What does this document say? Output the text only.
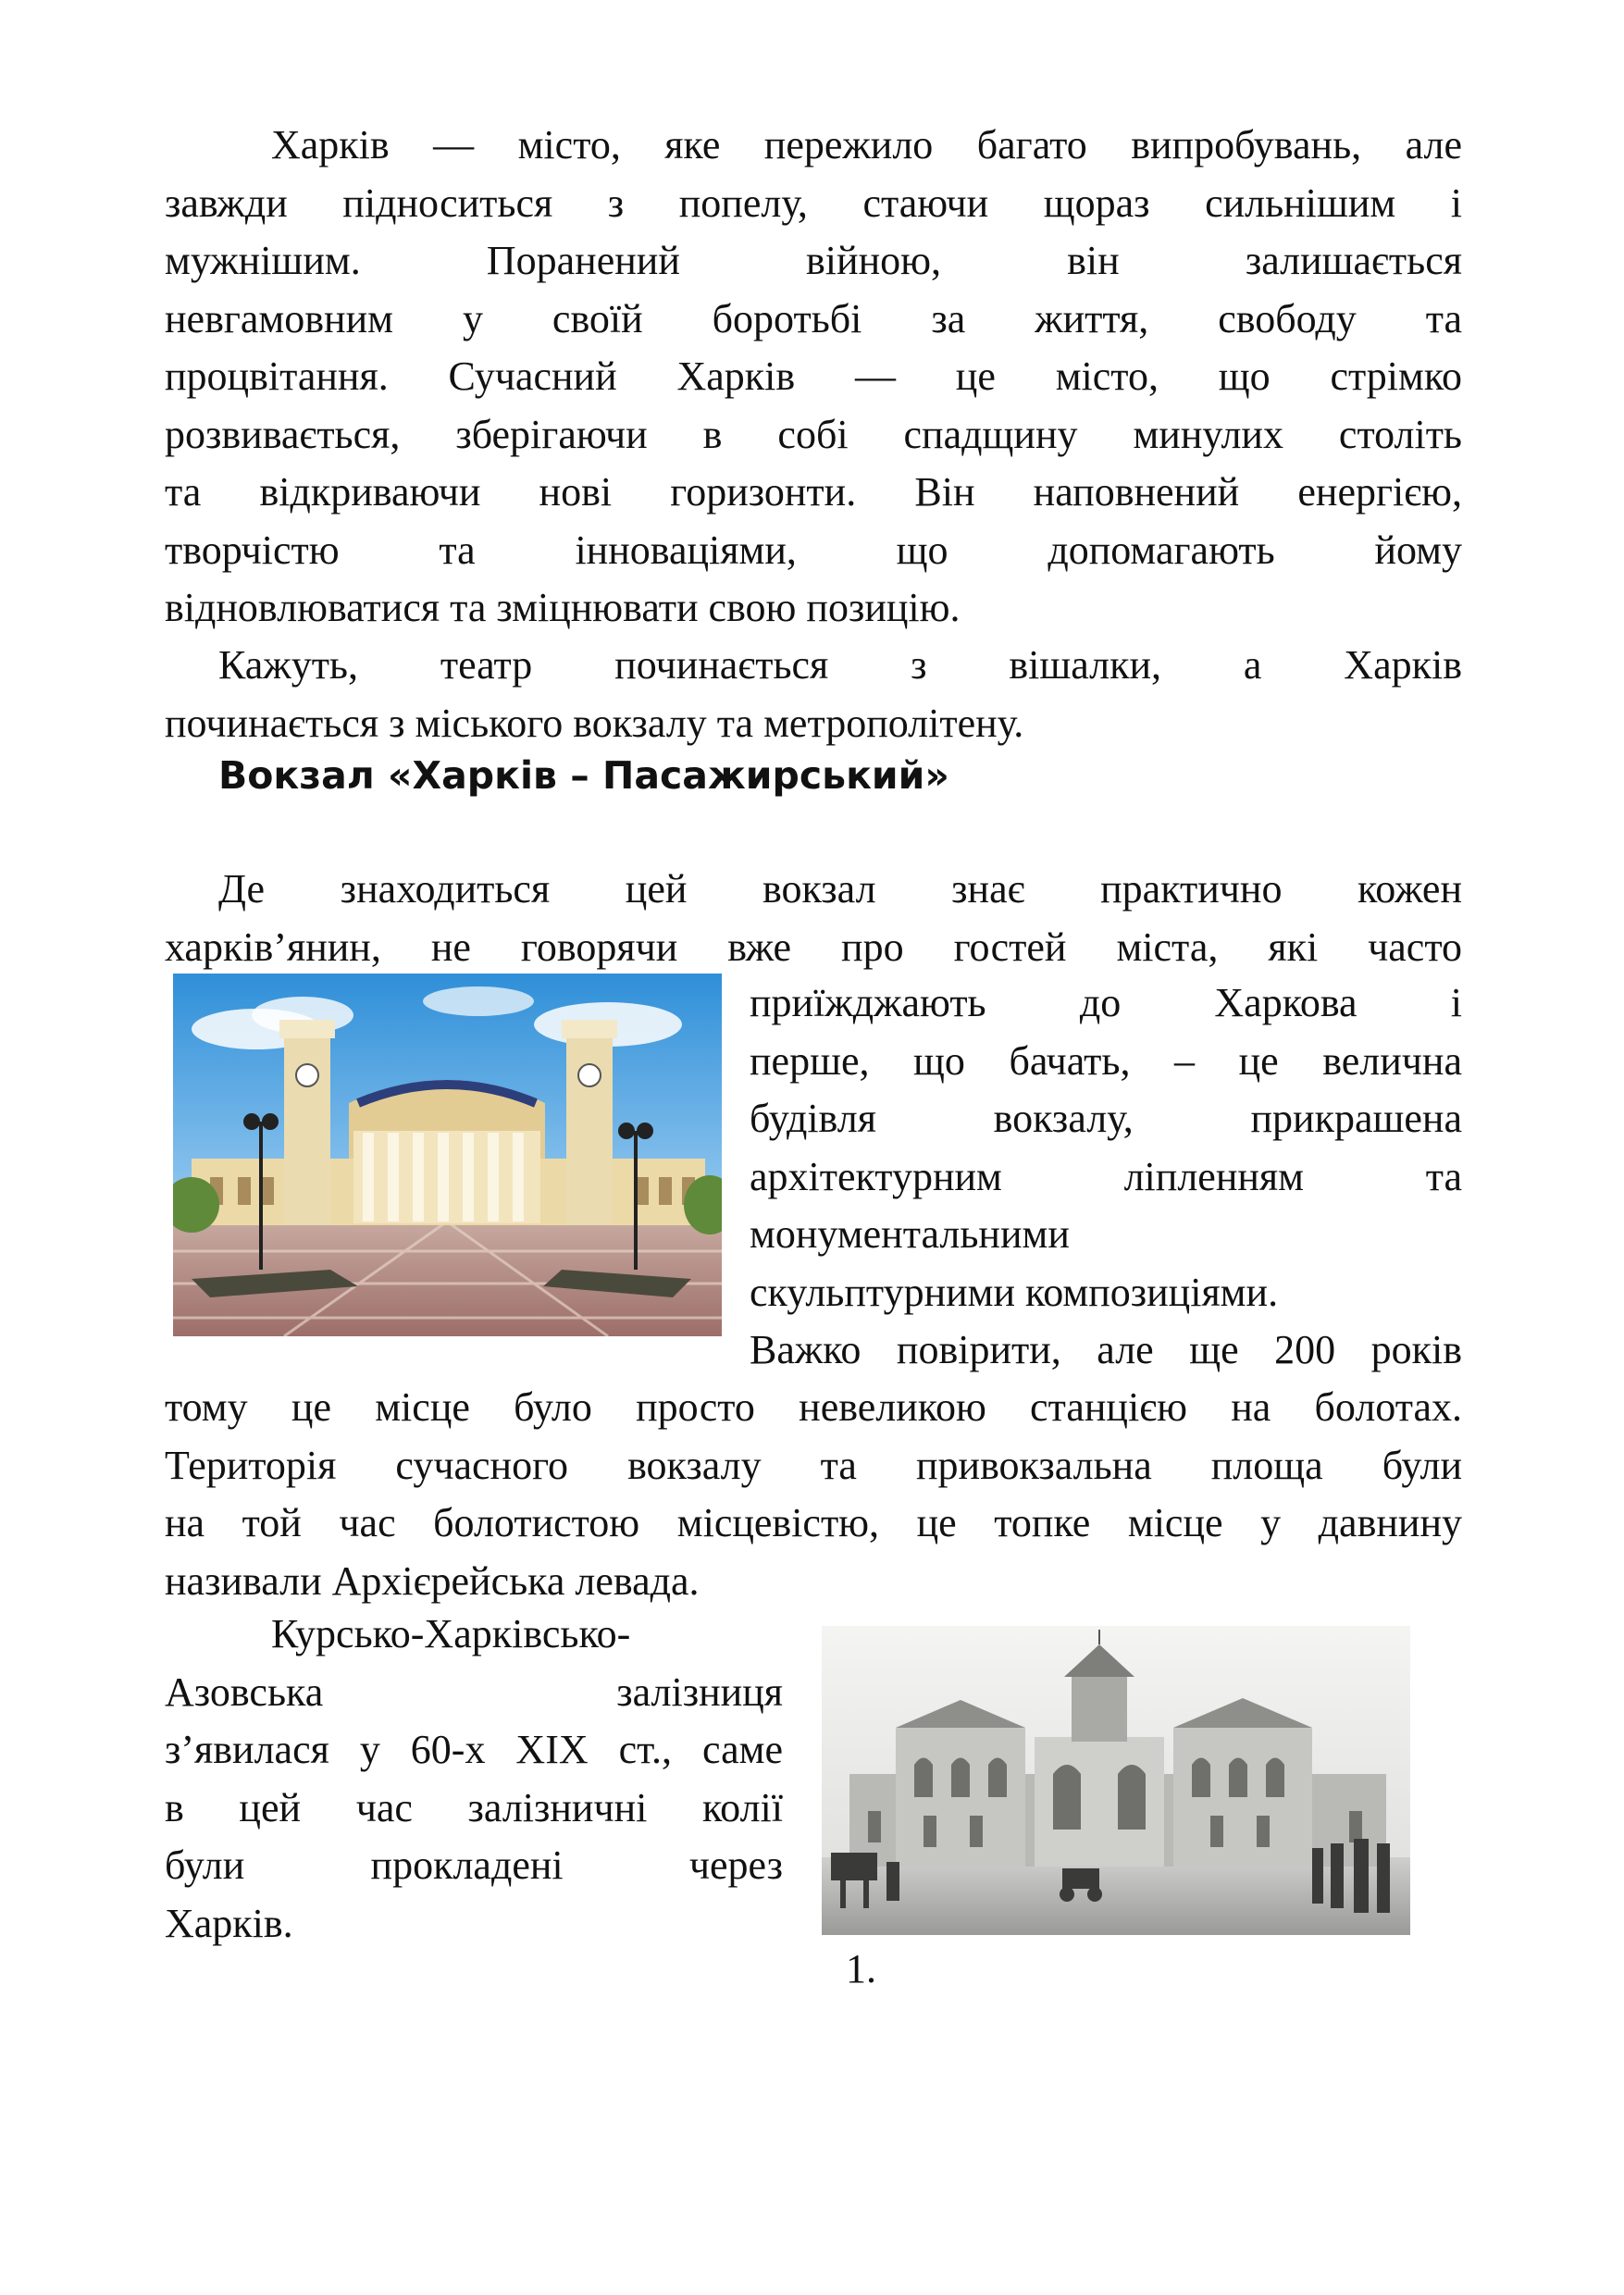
Харків — місто, яке пережило багато випробувань, але
завжди підноситься з попелу, стаючи щораз сильнішим і
мужнішим. Поранений війною, він залишається
невгамовним у своїй боротьбі за життя, свободу та
процвітання. Сучасний Харків — це місто, що стрімко
розвивається, зберігаючи в собі спадщину минулих століть
та відкриваючи нові горизонти. Він наповнений енергією,
творчістю та інноваціями, що допомагають йому
відновлюватися та зміцнювати свою позицію.
Кажуть, театр починається з вішалки, а Харків
починається з міського вокзалу та метрополітену.
Вокзал «Харків – Пасажирський»
Де знаходиться цей вокзал знає практично кожен
харків’янин, не говорячи вже про гостей міста, які часто
приїжджають до Харкова і
перше, що бачать, – це велична
будівля вокзалу, прикрашена
архітектурним ліпленням та
монументальними
скульптурними композиціями.
Важко повірити, але ще 200 років
тому це місце було просто невеликою станцією на болотах.
Територія сучасного вокзалу та привокзальна площа були
на той час болотистою місцевістю, це топке місце у давнину
називали Архієрейська левада.
Курсько-Харківсько-
Азовська залізниця
з’явилася у 60-х XIX ст., саме
в цей час залізничні колії
були прокладені через
Харків.
1.
